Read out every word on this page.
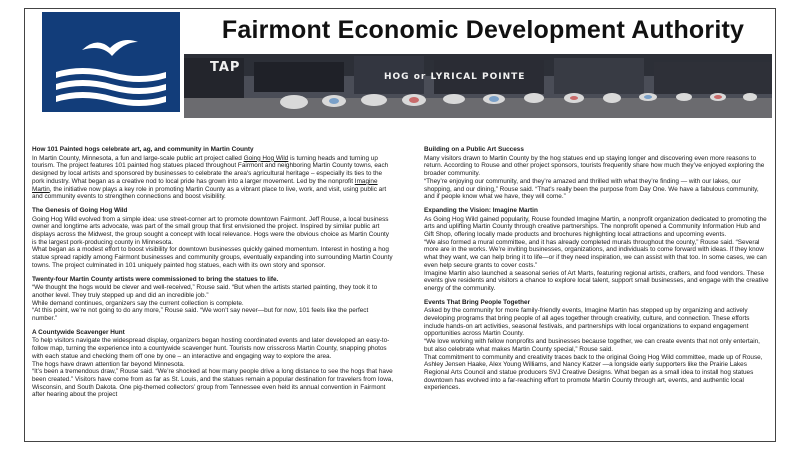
Fairmont Economic Development Authority
TAP
HOG or LYRICAL POINTE
How 101 Painted hogs celebrate art, ag, and community in Martin County

In Martin County, Minnesota, a fun and large-scale public art project called Going Hog Wild is turning heads and turning up tourism. The project features 101 painted hog statues placed throughout Fairmont and neighboring Martin County towns, each designed by local artists and sponsored by businesses to celebrate the area's agricultural heritage – especially its ties to the pork industry. What began as a creative nod to local pride has grown into a larger movement. Led by the nonprofit Imagine Martin, the initiative now plays a key role in promoting Martin County as a vibrant place to live, work, and visit, using public art and community events to strengthen connections and boost visibility.

The Genesis of Going Hog Wild

Going Hog Wild evolved from a simple idea: use street-corner art to promote downtown Fairmont. Jeff Rouse, a local business owner and longtime arts advocate, was part of the small group that first envisioned the project. Inspired by similar public art displays across the Midwest, the group sought a concept with local relevance. Hogs were the obvious choice as Martin County is the largest pork-producing county in Minnesota.

What began as a modest effort to boost visibility for downtown businesses quickly gained momentum. Interest in hosting a hog statue spread rapidly among Fairmont businesses and community groups, eventually expanding into surrounding Martin County towns. The project culminated in 101 uniquely painted hog statues, each with its own story and sponsor.

Twenty-four Martin County artists were commissioned to bring the statues to life.

“We thought the hogs would be clever and well-received,” Rouse said. “But when the artists started painting, they took it to another level. They truly stepped up and did an incredible job.”

While demand continues, organizers say the current collection is complete.

“At this point, we’re not going to do any more,” Rouse said. “We won’t say never—but for now, 101 feels like the perfect number.”

A Countywide Scavenger Hunt

To help visitors navigate the widespread display, organizers began hosting coordinated events and later developed an easy-to-follow map, turning the experience into a countywide scavenger hunt. Tourists now crisscross Martin County, snapping photos with each statue and checking them off one by one – an interactive and engaging way to explore the area.

The hogs have drawn attention far beyond Minnesota.

“It’s been a tremendous draw,” Rouse said. “We’re shocked at how many people drive a long distance to see the hogs that have been created.” Visitors have come from as far as St. Louis, and the statues remain a popular destination for travelers from Iowa, Wisconsin, and South Dakota. One pig-themed collectors’ group from Tennessee even held its annual convention in Fairmont after hearing about the project

Building on a Public Art Success

Many visitors drawn to Martin County by the hog statues end up staying longer and discovering even more reasons to return. According to Rouse and other project sponsors, tourists frequently share how much they’ve enjoyed exploring the broader community.

“They’re enjoying our community, and they’re amazed and thrilled with what they’re finding — with our lakes, our shopping, and our dining,” Rouse said. “That’s really been the purpose from Day One. We have a fabulous community, and if people know what we have, they will come.”

Expanding the Vision: Imagine Martin

As Going Hog Wild gained popularity, Rouse founded Imagine Martin, a nonprofit organization dedicated to promoting the arts and uplifting Martin County through creative partnerships. The nonprofit opened a Community Information Hub and Gift Shop, offering locally made products and brochures highlighting local attractions and upcoming events.

“We also formed a mural committee, and it has already completed murals throughout the county,” Rouse said. “Several more are in the works. We’re inviting businesses, organizations, and individuals to come forward with ideas. If they know what they want, we can help bring it to life—or if they need inspiration, we can assist with that too. In some cases, we can even help secure grants to cover costs.”

Imagine Martin also launched a seasonal series of Art Marts, featuring regional artists, crafters, and food vendors. These events give residents and visitors a chance to explore local talent, support small businesses, and engage with the creative energy of the community.

Events That Bring People Together

Asked by the community for more family-friendly events, Imagine Martin has stepped up by organizing and actively developing programs that bring people of all ages together through creativity, culture, and connection. These efforts include hands-on art activities, seasonal festivals, and partnerships with local organizations to expand engagement opportunities across Martin County.

“We love working with fellow nonprofits and businesses because together, we can create events that not only entertain, but also celebrate what makes Martin County special,” Rouse said.

That commitment to community and creativity traces back to the original Going Hog Wild committee, made up of Rouse, Ashley Jensen Haake, Alex Young Williams, and Nancy Katzer —a longside early supporters like the Prairie Lakes Regional Arts Council and statue producers SVJ Creative Designs. What began as a small idea to install hog statues downtown has evolved into a far-reaching effort to promote Martin County through art, events, and authentic local experiences.
